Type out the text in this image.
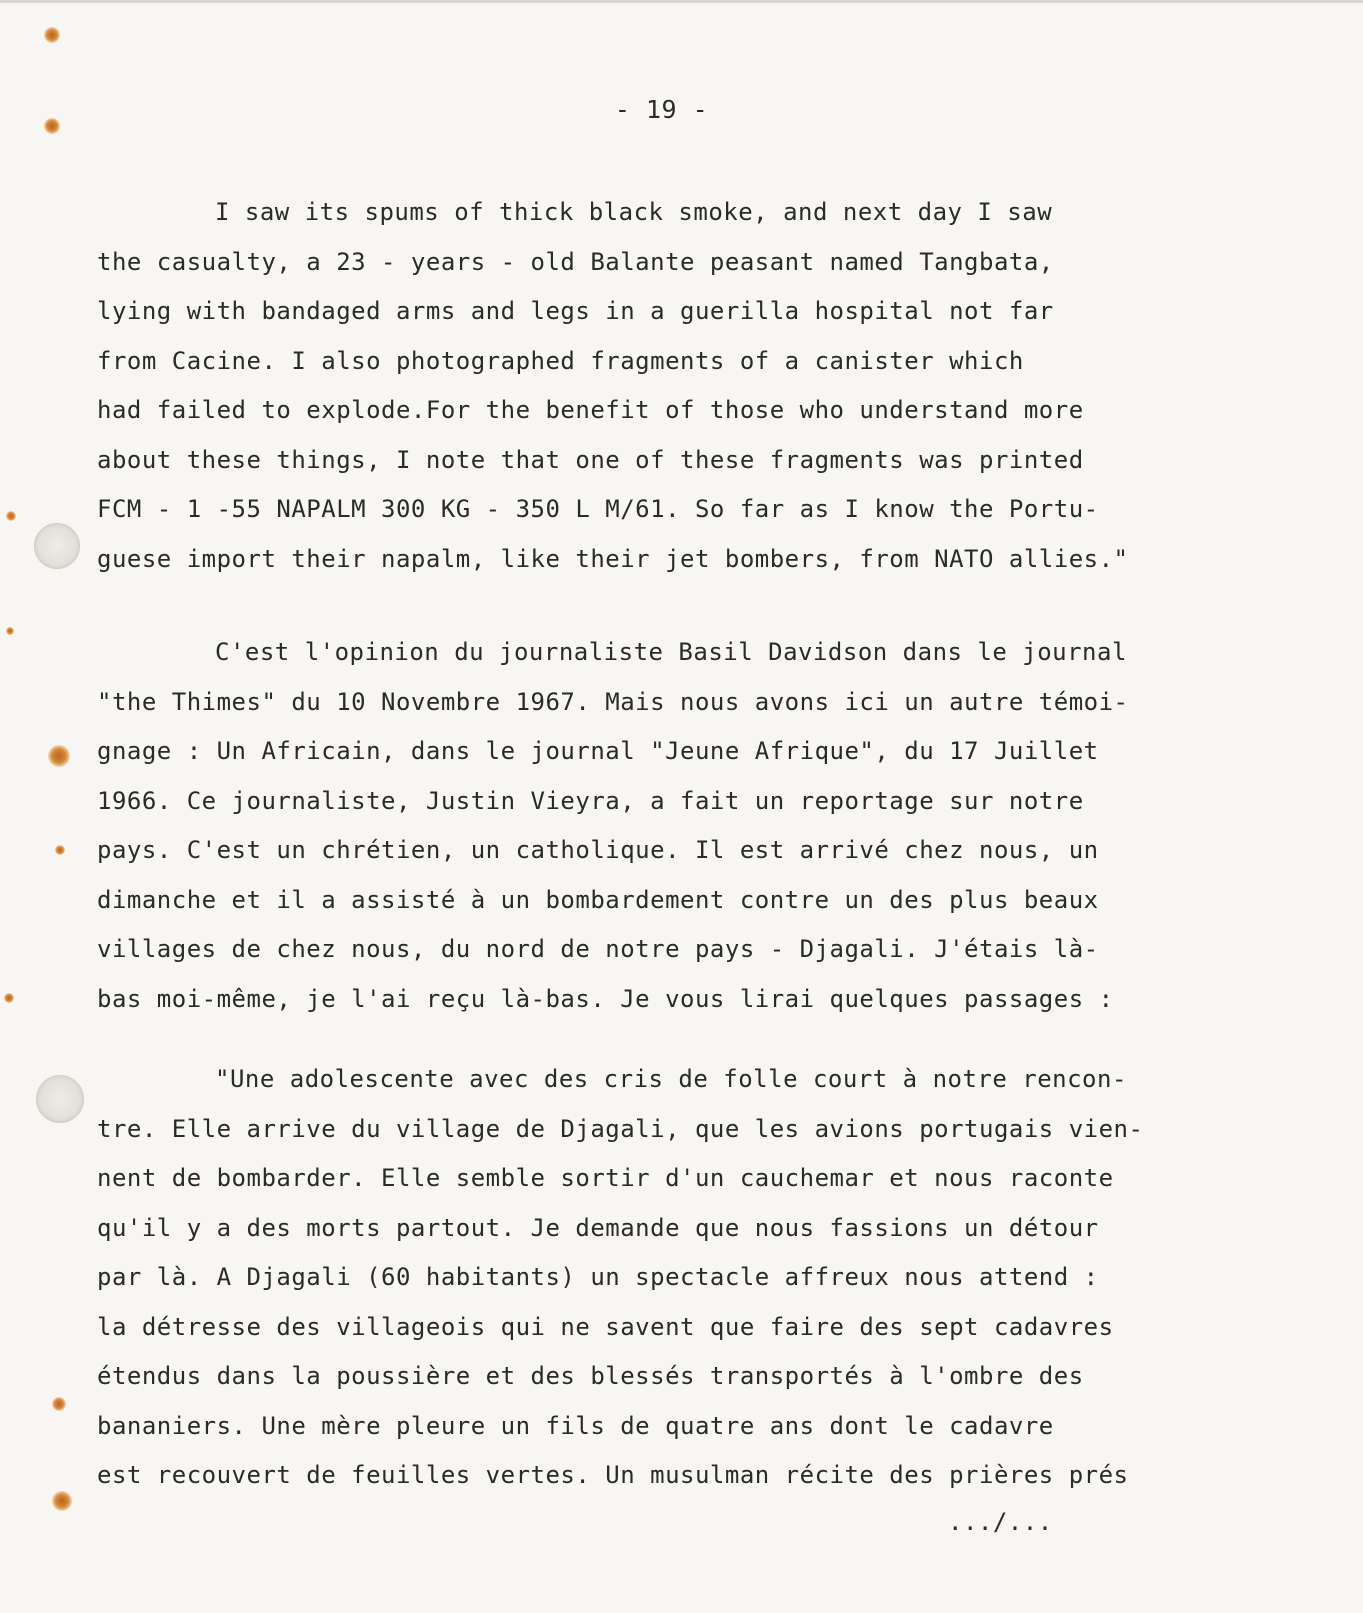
- 19 -
I saw its spums of thick black smoke, and next day I saw
the casualty, a 23 - years - old Balante peasant named Tangbata,
lying with bandaged arms and legs in a guerilla hospital not far
from Cacine. I also photographed fragments of a canister which
had failed to explode.For the benefit of those who understand more
about these things, I note that one of these fragments was printed
FCM - 1 -55 NAPALM 300 KG - 350 L M/61. So far as I know the Portu-
guese import their napalm, like their jet bombers, from NATO allies."
C'est l'opinion du journaliste Basil Davidson dans le journal
"the Thimes" du 10 Novembre 1967. Mais nous avons ici un autre témoi-
gnage : Un Africain, dans le journal "Jeune Afrique", du 17 Juillet
1966. Ce journaliste, Justin Vieyra, a fait un reportage sur notre
pays. C'est un chrétien, un catholique. Il est arrivé chez nous, un
dimanche et il a assisté à un bombardement contre un des plus beaux
villages de chez nous, du nord de notre pays - Djagali. J'étais là-
bas moi-même, je l'ai reçu là-bas. Je vous lirai quelques passages :
"Une adolescente avec des cris de folle court à notre rencon-
tre. Elle arrive du village de Djagali, que les avions portugais vien-
nent de bombarder. Elle semble sortir d'un cauchemar et nous raconte
qu'il y a des morts partout. Je demande que nous fassions un détour
par là. A Djagali (60 habitants) un spectacle affreux nous attend :
la détresse des villageois qui ne savent que faire des sept cadavres
étendus dans la poussière et des blessés transportés à l'ombre des
bananiers. Une mère pleure un fils de quatre ans dont le cadavre
est recouvert de feuilles vertes. Un musulman récite des prières prés
.../...
